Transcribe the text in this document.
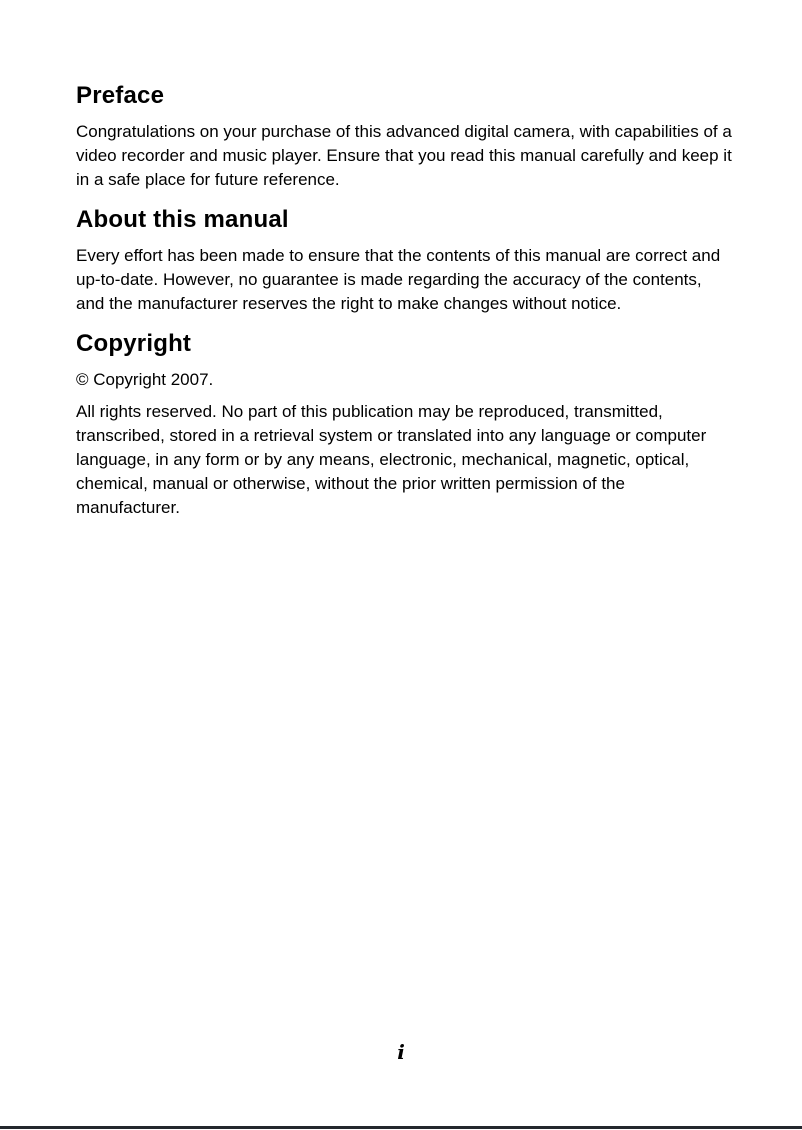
Preface

Congratulations on your purchase of this advanced digital camera, with capabilities of a video recorder and music player. Ensure that you read this manual carefully and keep it in a safe place for future reference.

About this manual

Every effort has been made to ensure that the contents of this manual are correct and up-to-date. However, no guarantee is made regarding the accuracy of the contents, and the manufacturer reserves the right to make changes without notice.

Copyright

© Copyright 2007.

All rights reserved. No part of this publication may be reproduced, transmitted, transcribed, stored in a retrieval system or translated into any language or computer language, in any form or by any means, electronic, mechanical, magnetic, optical, chemical, manual or otherwise, without the prior written permission of the manufacturer.

i
